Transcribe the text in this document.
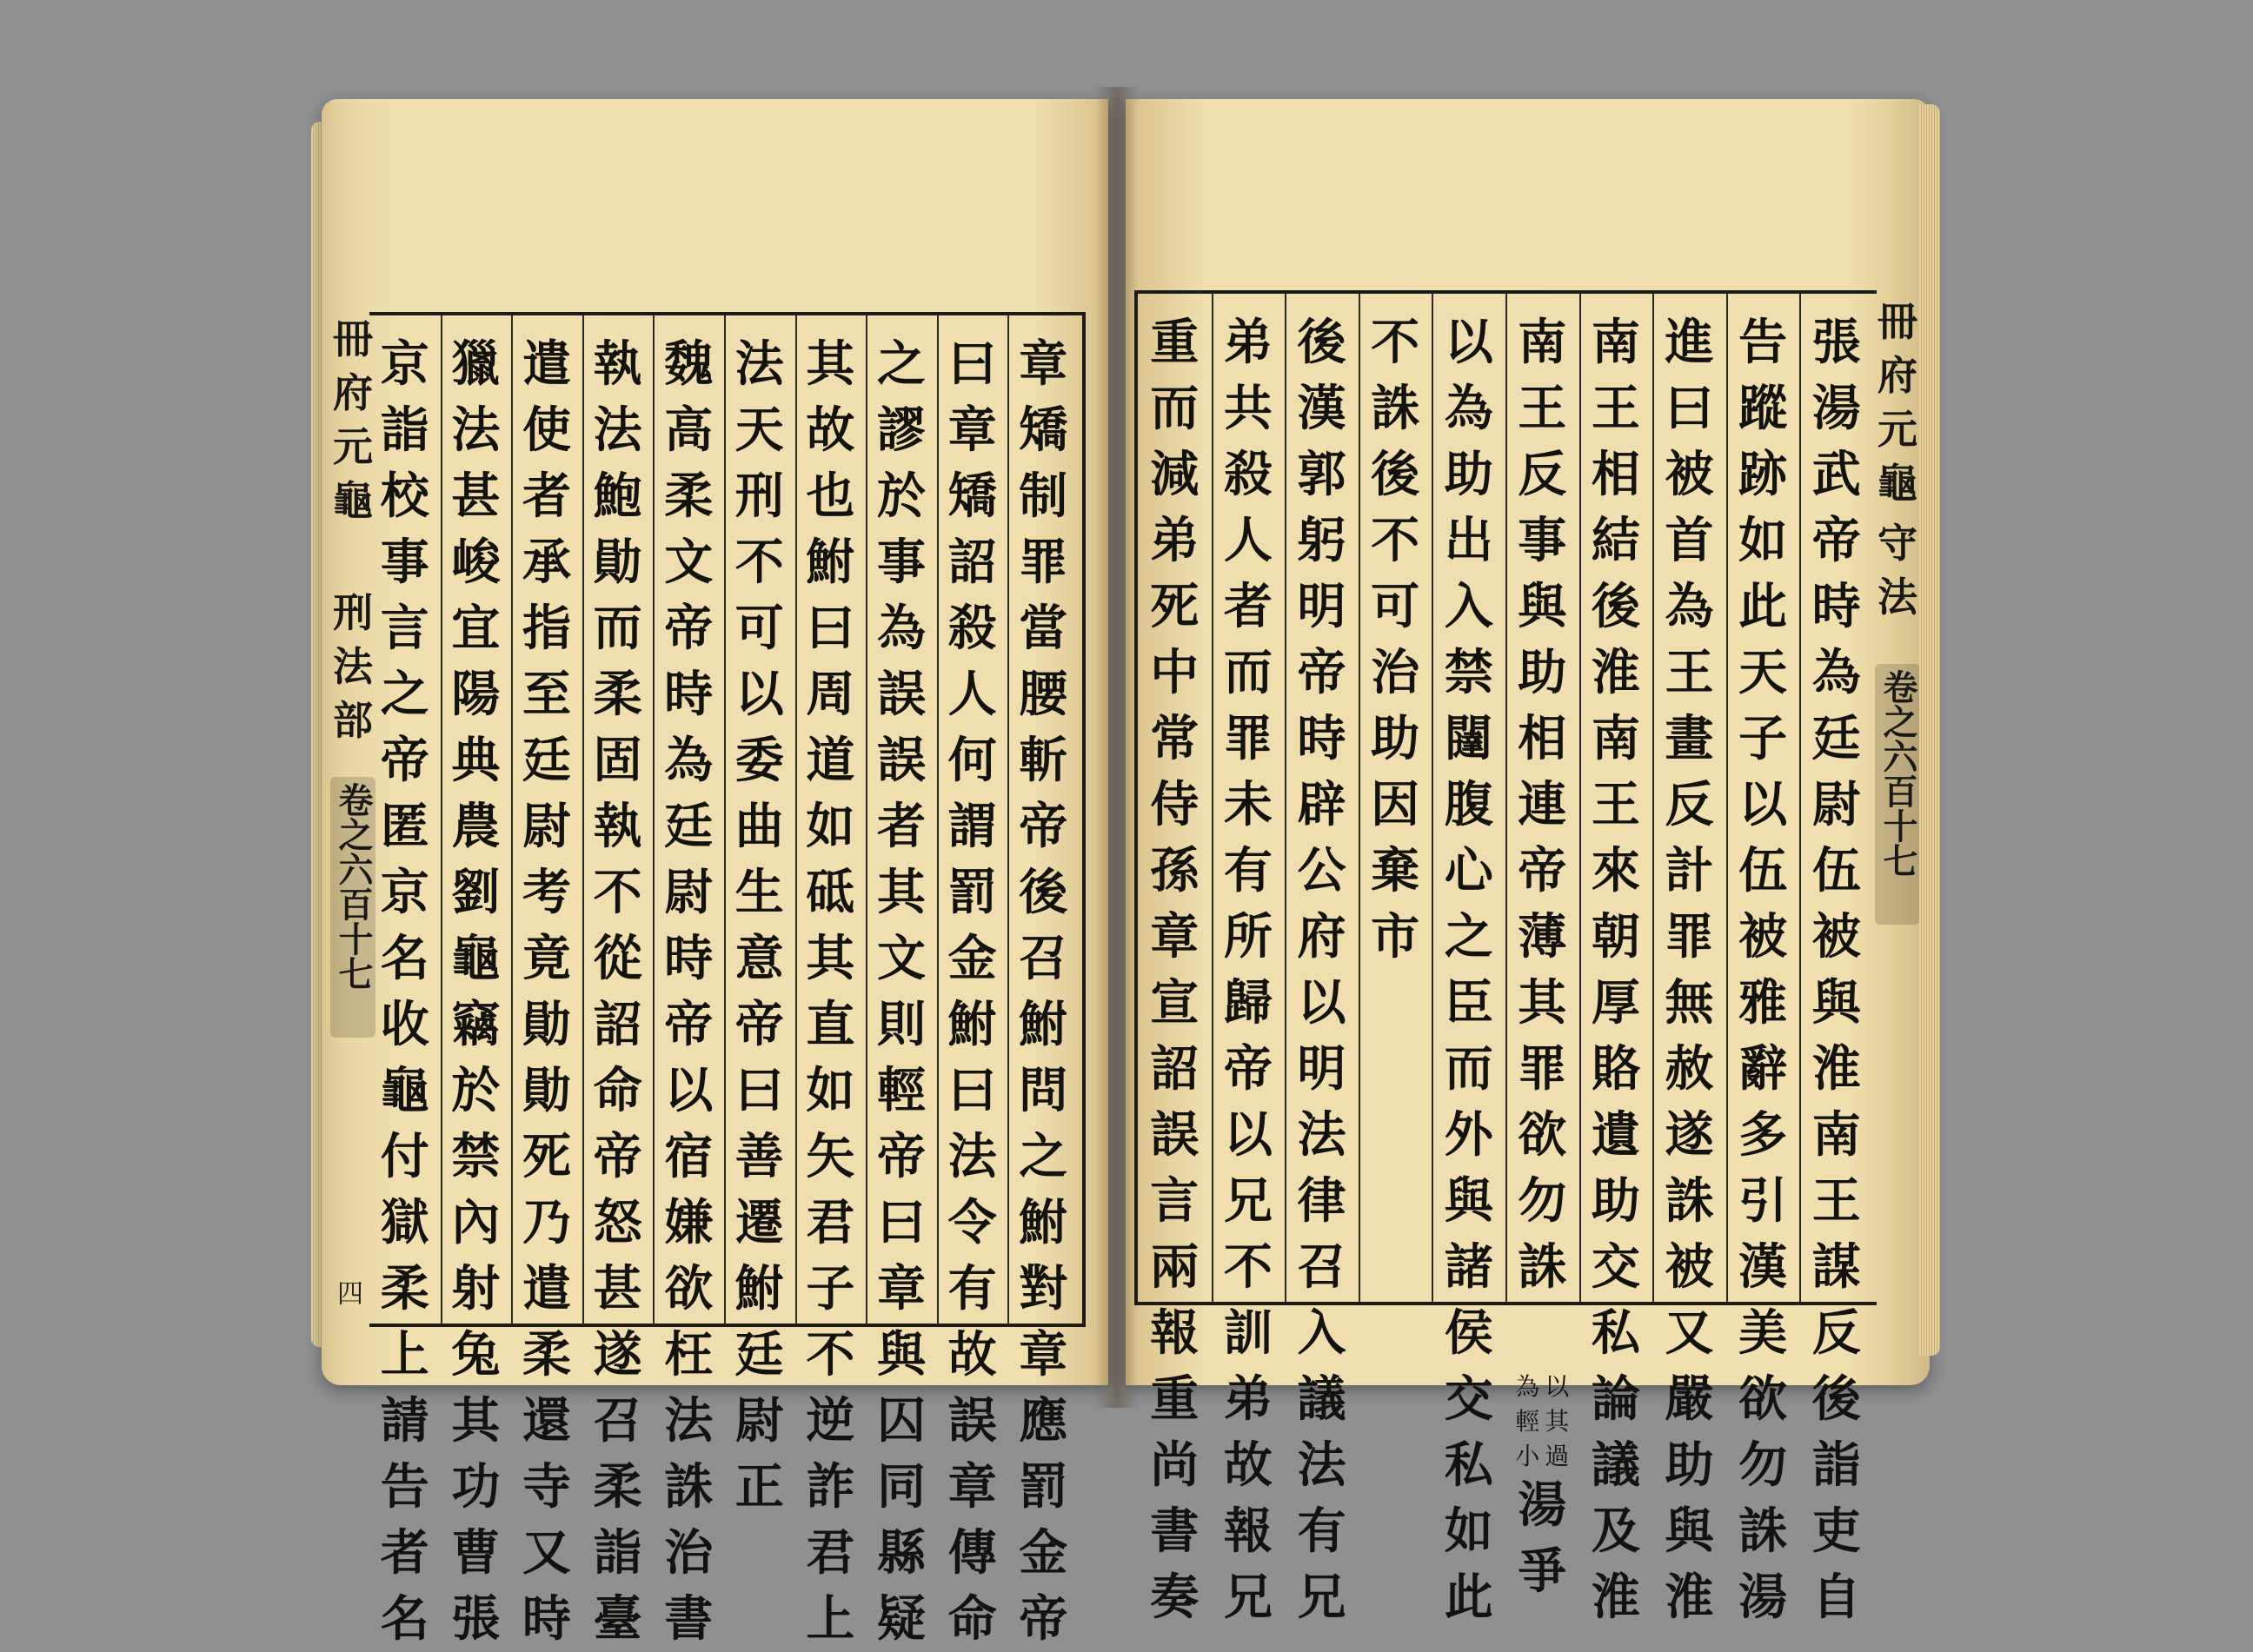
冊
府
元
龜
刑
法
部
卷之六百十七
四
章
矯
制
罪
當
腰
斬
帝
後
召
鮒
問
之
鮒
對
章
應
罰
金
帝
曰
章
矯
詔
殺
人
何
謂
罰
金
鮒
曰
法
令
有
故
誤
章
傳
命
之
謬
於
事
為
誤
誤
者
其
文
則
輕
帝
曰
章
與
囚
同
縣
疑
其
故
也
鮒
曰
周
道
如
砥
其
直
如
矢
君
子
不
逆
詐
君
上
法
天
刑
不
可
以
委
曲
生
意
帝
曰
善
遷
鮒
廷
尉
正
魏
高
柔
文
帝
時
為
廷
尉
時
帝
以
宿
嫌
欲
枉
法
誅
治
書
執
法
鮑
勛
而
柔
固
執
不
從
詔
命
帝
怒
甚
遂
召
柔
詣
臺
遣
使
者
承
指
至
廷
尉
考
竟
勛
勛
死
乃
遣
柔
還
寺
又
時
獵
法
甚
峻
宜
陽
典
農
劉
龜
竊
於
禁
內
射
兔
其
功
曹
張
京
詣
校
事
言
之
帝
匿
京
名
收
龜
付
獄
柔
上
請
告
者
名
張
湯
武
帝
時
為
廷
尉
伍
被
與
淮
南
王
謀
反
後
詣
吏
自
告
蹤
跡
如
此
天
子
以
伍
被
雅
辭
多
引
漢
美
欲
勿
誅
湯
進
曰
被
首
為
王
畫
反
計
罪
無
赦
遂
誅
被
又
嚴
助
與
淮
南
王
相
結
後
淮
南
王
來
朝
厚
賂
遺
助
交
私
論
議
及
淮
南
王
反
事
與
助
相
連
帝
薄
其
罪
欲
勿
誅
以
為
助
出
入
禁
闥
腹
心
之
臣
而
外
與
諸
侯
交
私
如
此
不
誅
後
不
可
治
助
因
棄
市
後
漢
郭
躬
明
帝
時
辟
公
府
以
明
法
律
召
入
議
法
有
兄
弟
共
殺
人
者
而
罪
未
有
所
歸
帝
以
兄
不
訓
弟
故
報
兄
重
而
減
弟
死
中
常
侍
孫
章
宣
詔
誤
言
兩
報
重
尚
書
奏
以
其
過
為
輕
小
湯
爭
冊
府
元
龜
守
法
卷之六百十七
